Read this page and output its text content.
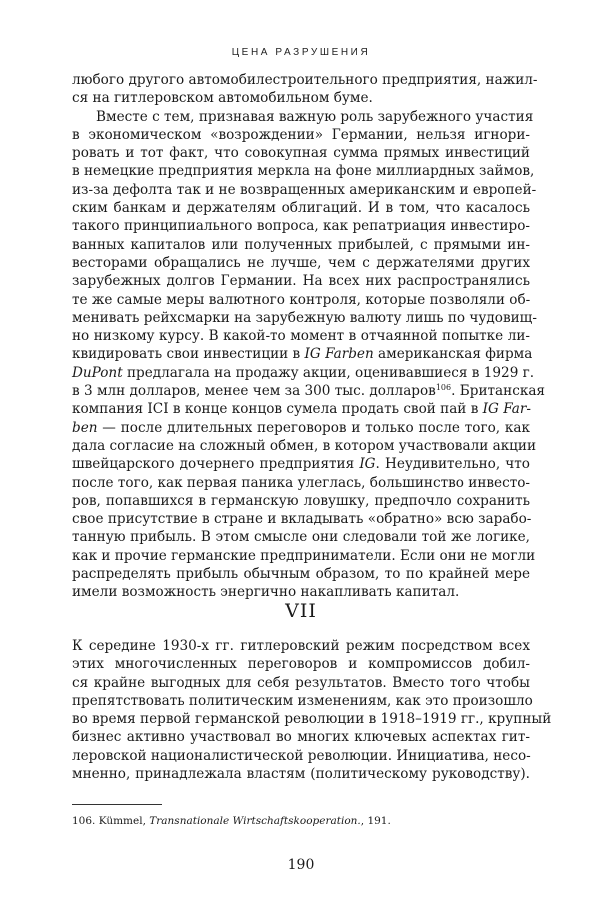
ЦЕНА РАЗРУШЕНИЯ
любого другого автомобилестроительного предприятия, нажил-
ся на гитлеровском автомобильном буме.
Вместе с тем, признавая важную роль зарубежного участия
в экономическом «возрождении» Германии, нельзя игнори-
ровать и тот факт, что совокупная сумма прямых инвестиций
в немецкие предприятия меркла на фоне миллиардных займов,
из-за дефолта так и не возвращенных американским и европей-
ским банкам и держателям облигаций. И в том, что касалось
такого принципиального вопроса, как репатриация инвестиро-
ванных капиталов или полученных прибылей, с прямыми ин-
весторами обращались не лучше, чем с держателями других
зарубежных долгов Германии. На всех них распространялись
те же самые меры валютного контроля, которые позволяли об-
менивать рейхсмарки на зарубежную валюту лишь по чудовищ-
но низкому курсу. В какой-то момент в отчаянной попытке ли-
квидировать свои инвестиции в IG Farben американская фирма
DuPont предлагала на продажу акции, оценивавшиеся в 1929 г.
в 3 млн долларов, менее чем за 300 тыс. долларов$^{106}$. Британская
компания ICI в конце концов сумела продать свой пай в IG Far-
ben — после длительных переговоров и только после того, как
дала согласие на сложный обмен, в котором участвовали акции
швейцарского дочернего предприятия IG. Неудивительно, что
после того, как первая паника улеглась, большинство инвесто-
ров, попавшихся в германскую ловушку, предпочло сохранить
свое присутствие в стране и вкладывать «обратно» всю зарабо-
танную прибыль. В этом смысле они следовали той же логике,
как и прочие германские предприниматели. Если они не могли
распределять прибыль обычным образом, то по крайней мере
имели возможность энергично накапливать капитал.
VII
К середине 1930-х гг. гитлеровский режим посредством всех
этих многочисленных переговоров и компромиссов добил-
ся крайне выгодных для себя результатов. Вместо того чтобы
препятствовать политическим изменениям, как это произошло
во время первой германской революции в 1918–1919 гг., крупный
бизнес активно участвовал во многих ключевых аспектах гит-
леровской националистической революции. Инициатива, несо-
мненно, принадлежала властям (политическому руководству).
106. Kümmel, Transnationale Wirtschaftskooperation., 191.
190
